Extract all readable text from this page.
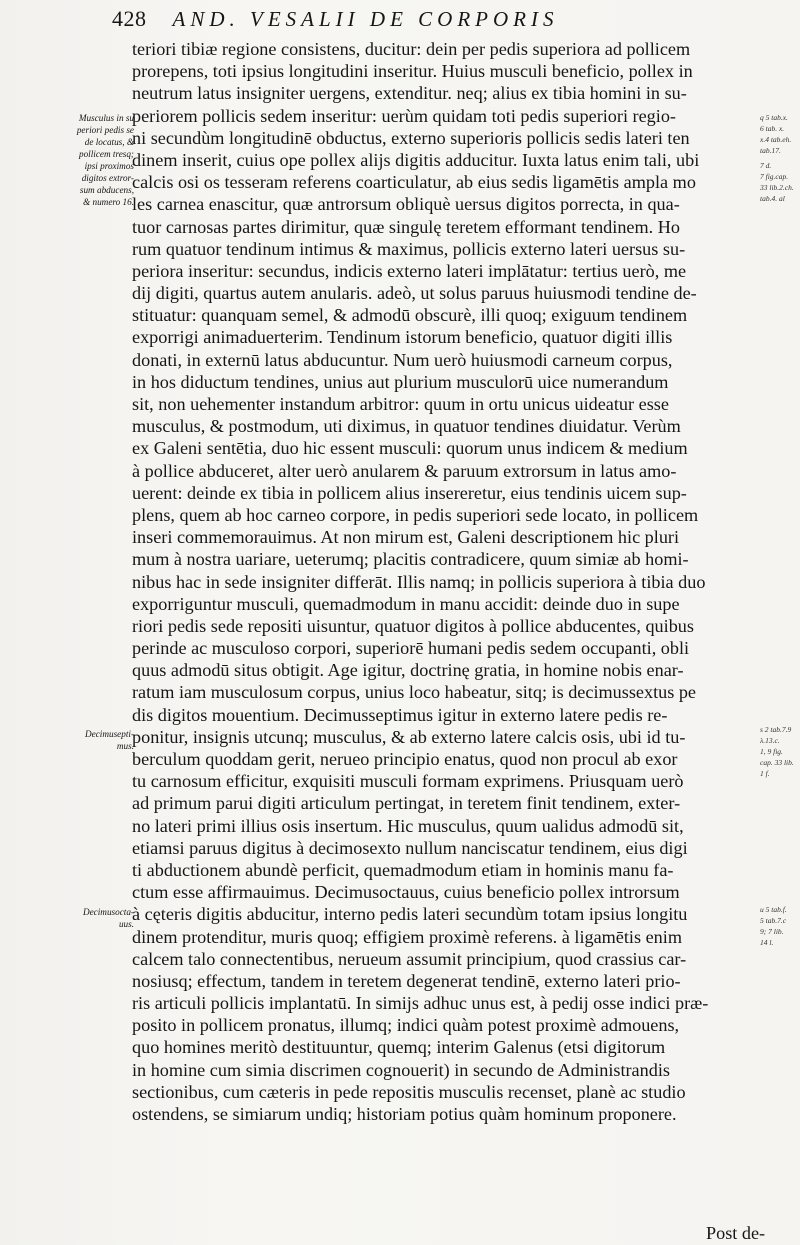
428 AND. VESALII DE CORPORIS
teriori tibiæ regione consistens, ducitur: dein per pedis superiora ad pollicem
prorepens, toti ipsius longitudini inseritur. Huius musculi beneficio, pollex in
neutrum latus insigniter uergens, extenditur. neq; alius ex tibia homini in su-
periorem pollicis sedem inseritur: uerùm quidam toti pedis superiori regio-
ni secundùm longitudinē obductus, externo superioris pollicis sedis lateri ten
dinem inserit, cuius ope pollex alijs digitis adducitur. Iuxta latus enim tali, ubi
calcis osi os tesseram referens coarticulatur, ab eius sedis ligamētis ampla mo
les carnea enascitur, quæ antrorsum obliquè uersus digitos porrecta, in qua-
tuor carnosas partes dirimitur, quæ singulę teretem efformant tendinem. Ho
rum quatuor tendinum intimus & maximus, pollicis externo lateri uersus su-
periora inseritur: secundus, indicis externo lateri implātatur: tertius uerò, me
dij digiti, quartus autem anularis. adeò, ut solus paruus huiusmodi tendine de-
stituatur: quanquam semel, & admodū obscurè, illi quoq; exiguum tendinem
exporrigi animaduerterim. Tendinum istorum beneficio, quatuor digiti illis
donati, in externū latus abducuntur. Num uerò huiusmodi carneum corpus,
in hos diductum tendines, unius aut plurium musculorū uice numerandum
sit, non uehementer instandum arbitror: quum in ortu unicus uideatur esse
musculus, & postmodum, uti diximus, in quatuor tendines diuidatur. Verùm
ex Galeni sentētia, duo hic essent musculi: quorum unus indicem & medium
à pollice abduceret, alter uerò anularem & paruum extrorsum in latus amo-
uerent: deinde ex tibia in pollicem alius insereretur, eius tendinis uicem sup-
plens, quem ab hoc carneo corpore, in pedis superiori sede locato, in pollicem
inseri commemorauimus. At non mirum est, Galeni descriptionem hic pluri
mum à nostra uariare, ueterumq; placitis contradicere, quum simiæ ab homi-
nibus hac in sede insigniter differāt. Illis namq; in pollicis superiora à tibia duo
exporriguntur musculi, quemadmodum in manu accidit: deinde duo in supe
riori pedis sede repositi uisuntur, quatuor digitos à pollice abducentes, quibus
perinde ac musculoso corpori, superiorē humani pedis sedem occupanti, obli
quus admodū situs obtigit. Age igitur, doctrinę gratia, in homine nobis enar-
ratum iam musculosum corpus, unius loco habeatur, sitq; is decimussextus pe
dis digitos mouentium. Decimusseptimus igitur in externo latere pedis re-
ponitur, insignis utcunq; musculus, & ab externo latere calcis osis, ubi id tu-
berculum quoddam gerit, nerueo principio enatus, quod non procul ab exor
tu carnosum efficitur, exquisiti musculi formam exprimens. Priusquam uerò
ad primum parui digiti articulum pertingat, in teretem finit tendinem, exter-
no lateri primi illius osis insertum. Hic musculus, quum ualidus admodū sit,
etiamsi paruus digitus à decimosexto nullum nanciscatur tendinem, eius digi
ti abductionem abundè perficit, quemadmodum etiam in hominis manu fa-
ctum esse affirmauimus. Decimusoctauus, cuius beneficio pollex introrsum
à cęteris digitis abducitur, interno pedis lateri secundùm totam ipsius longitu
dinem protenditur, muris quoq; effigiem proximè referens. à ligamētis enim
calcem talo connectentibus, nerueum assumit principium, quod crassius car-
nosiusq; effectum, tandem in teretem degenerat tendinē, externo lateri prio-
ris articuli pollicis implantatū. In simijs adhuc unus est, à pedij osse indici præ-
posito in pollicem pronatus, illumq; indici quàm potest proximè admouens,
quo homines meritò destituuntur, quemq; interim Galenus (etsi digitorum
in homine cum simia discrimen cognouerit) in secundo de Administrandis
sectionibus, cum cæteris in pede repositis musculis recenset, planè ac studio
ostendens, se simiarum undiq; historiam potius quàm hominum proponere.
Musculus in su
periori pedis se
de locatus, &
pollicem tresq;
ipsi proximos
digitos extror-
sum abducens,
& numero 16.
Decimusepti-
mus.
Decimusocta-
uus.
q 5 tab.x.
6 tab. x.
x.4 tab.eh.
tab.17.
7 d.
7 fig.cap.
33 lib.2.ch.
tab.4. al
s 2 tab.7.9
λ.13.c.
1, 9 fig.
cap. 33 lib.
1 f.
u 5 tab.f.
5 tab.7.c
9; 7 lib.
14 l.
Post de-
